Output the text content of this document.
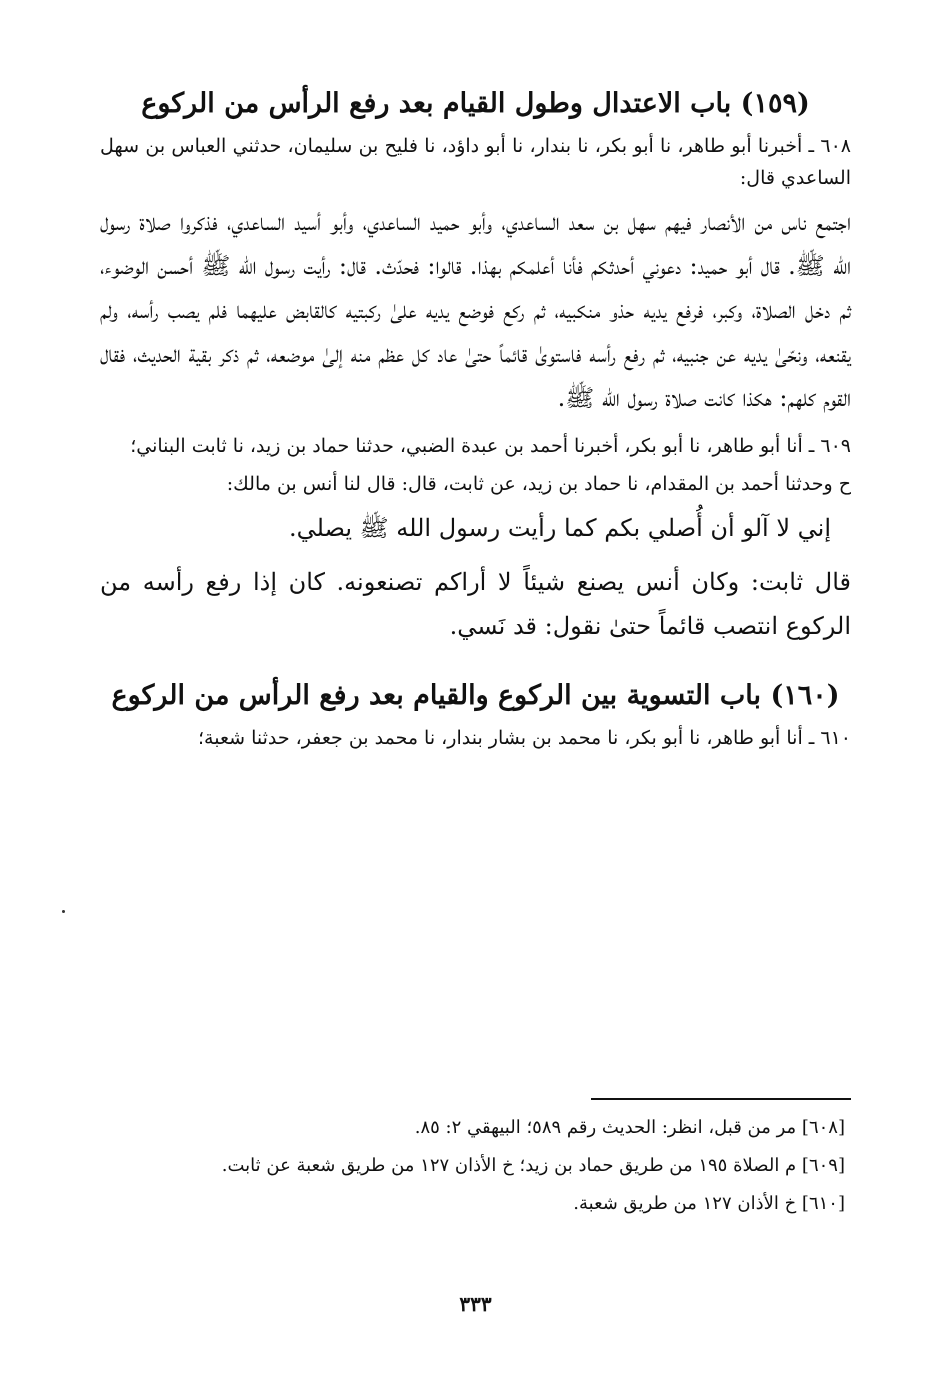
(١٥٩) باب الاعتدال وطول القيام بعد رفع الرأس من الركوع

٦٠٨ ـ أخبرنا أبو طاهر، نا أبو بكر، نا بندار، نا أبو داؤد، نا فليح بن سليمان، حدثني العباس بن سهل الساعدي قال:

اجتمع ناس من الأنصار فيهم سهل بن سعد الساعدي، وأبو حميد الساعدي، وأبو أسيد الساعدي، فذكروا صلاة رسول الله ﷺ. قال أبو حميد: دعوني أحدثكم فأنا أعلمكم بهذا. قالوا: فحدّث. قال: رأيت رسول الله ﷺ أحسن الوضوء، ثم دخل الصلاة، وكبر، فرفع يديه حذو منكبيه، ثم ركع فوضع يديه علىٰ ركبتيه كالقابض عليهما فلم يصب رأسه، ولم يقنعه، ونحّىٰ يديه عن جنبيه، ثم رفع رأسه فاستوىٰ قائماً حتىٰ عاد كل عظم منه إلىٰ موضعه، ثم ذكر بقية الحديث، فقال القوم كلهم: هكذا كانت صلاة رسول الله ﷺ.

٦٠٩ ـ أنا أبو طاهر، نا أبو بكر، أخبرنا أحمد بن عبدة الضبي، حدثنا حماد بن زيد، نا ثابت البناني؛

ح وحدثنا أحمد بن المقدام، نا حماد بن زيد، عن ثابت، قال: قال لنا أنس بن مالك:

إني لا آلو أن أُصلي بكم كما رأيت رسول الله ﷺ يصلي.

قال ثابت: وكان أنس يصنع شيئاً لا أراكم تصنعونه. كان إذا رفع رأسه من الركوع انتصب قائماً حتىٰ نقول: قد نَسي.

(١٦٠) باب التسوية بين الركوع والقيام بعد رفع الرأس من الركوع

٦١٠ ـ أنا أبو طاهر، نا أبو بكر، نا محمد بن بشار بندار، نا محمد بن جعفر، حدثنا شعبة؛

[٦٠٨] مر من قبل، انظر: الحديث رقم ٥٨٩؛ البيهقي ٢: ٨٥.

[٦٠٩] م الصلاة ١٩٥ من طريق حماد بن زيد؛ خ الأذان ١٢٧ من طريق شعبة عن ثابت.

[٦١٠] خ الأذان ١٢٧ من طريق شعبة.

٣٣٣
